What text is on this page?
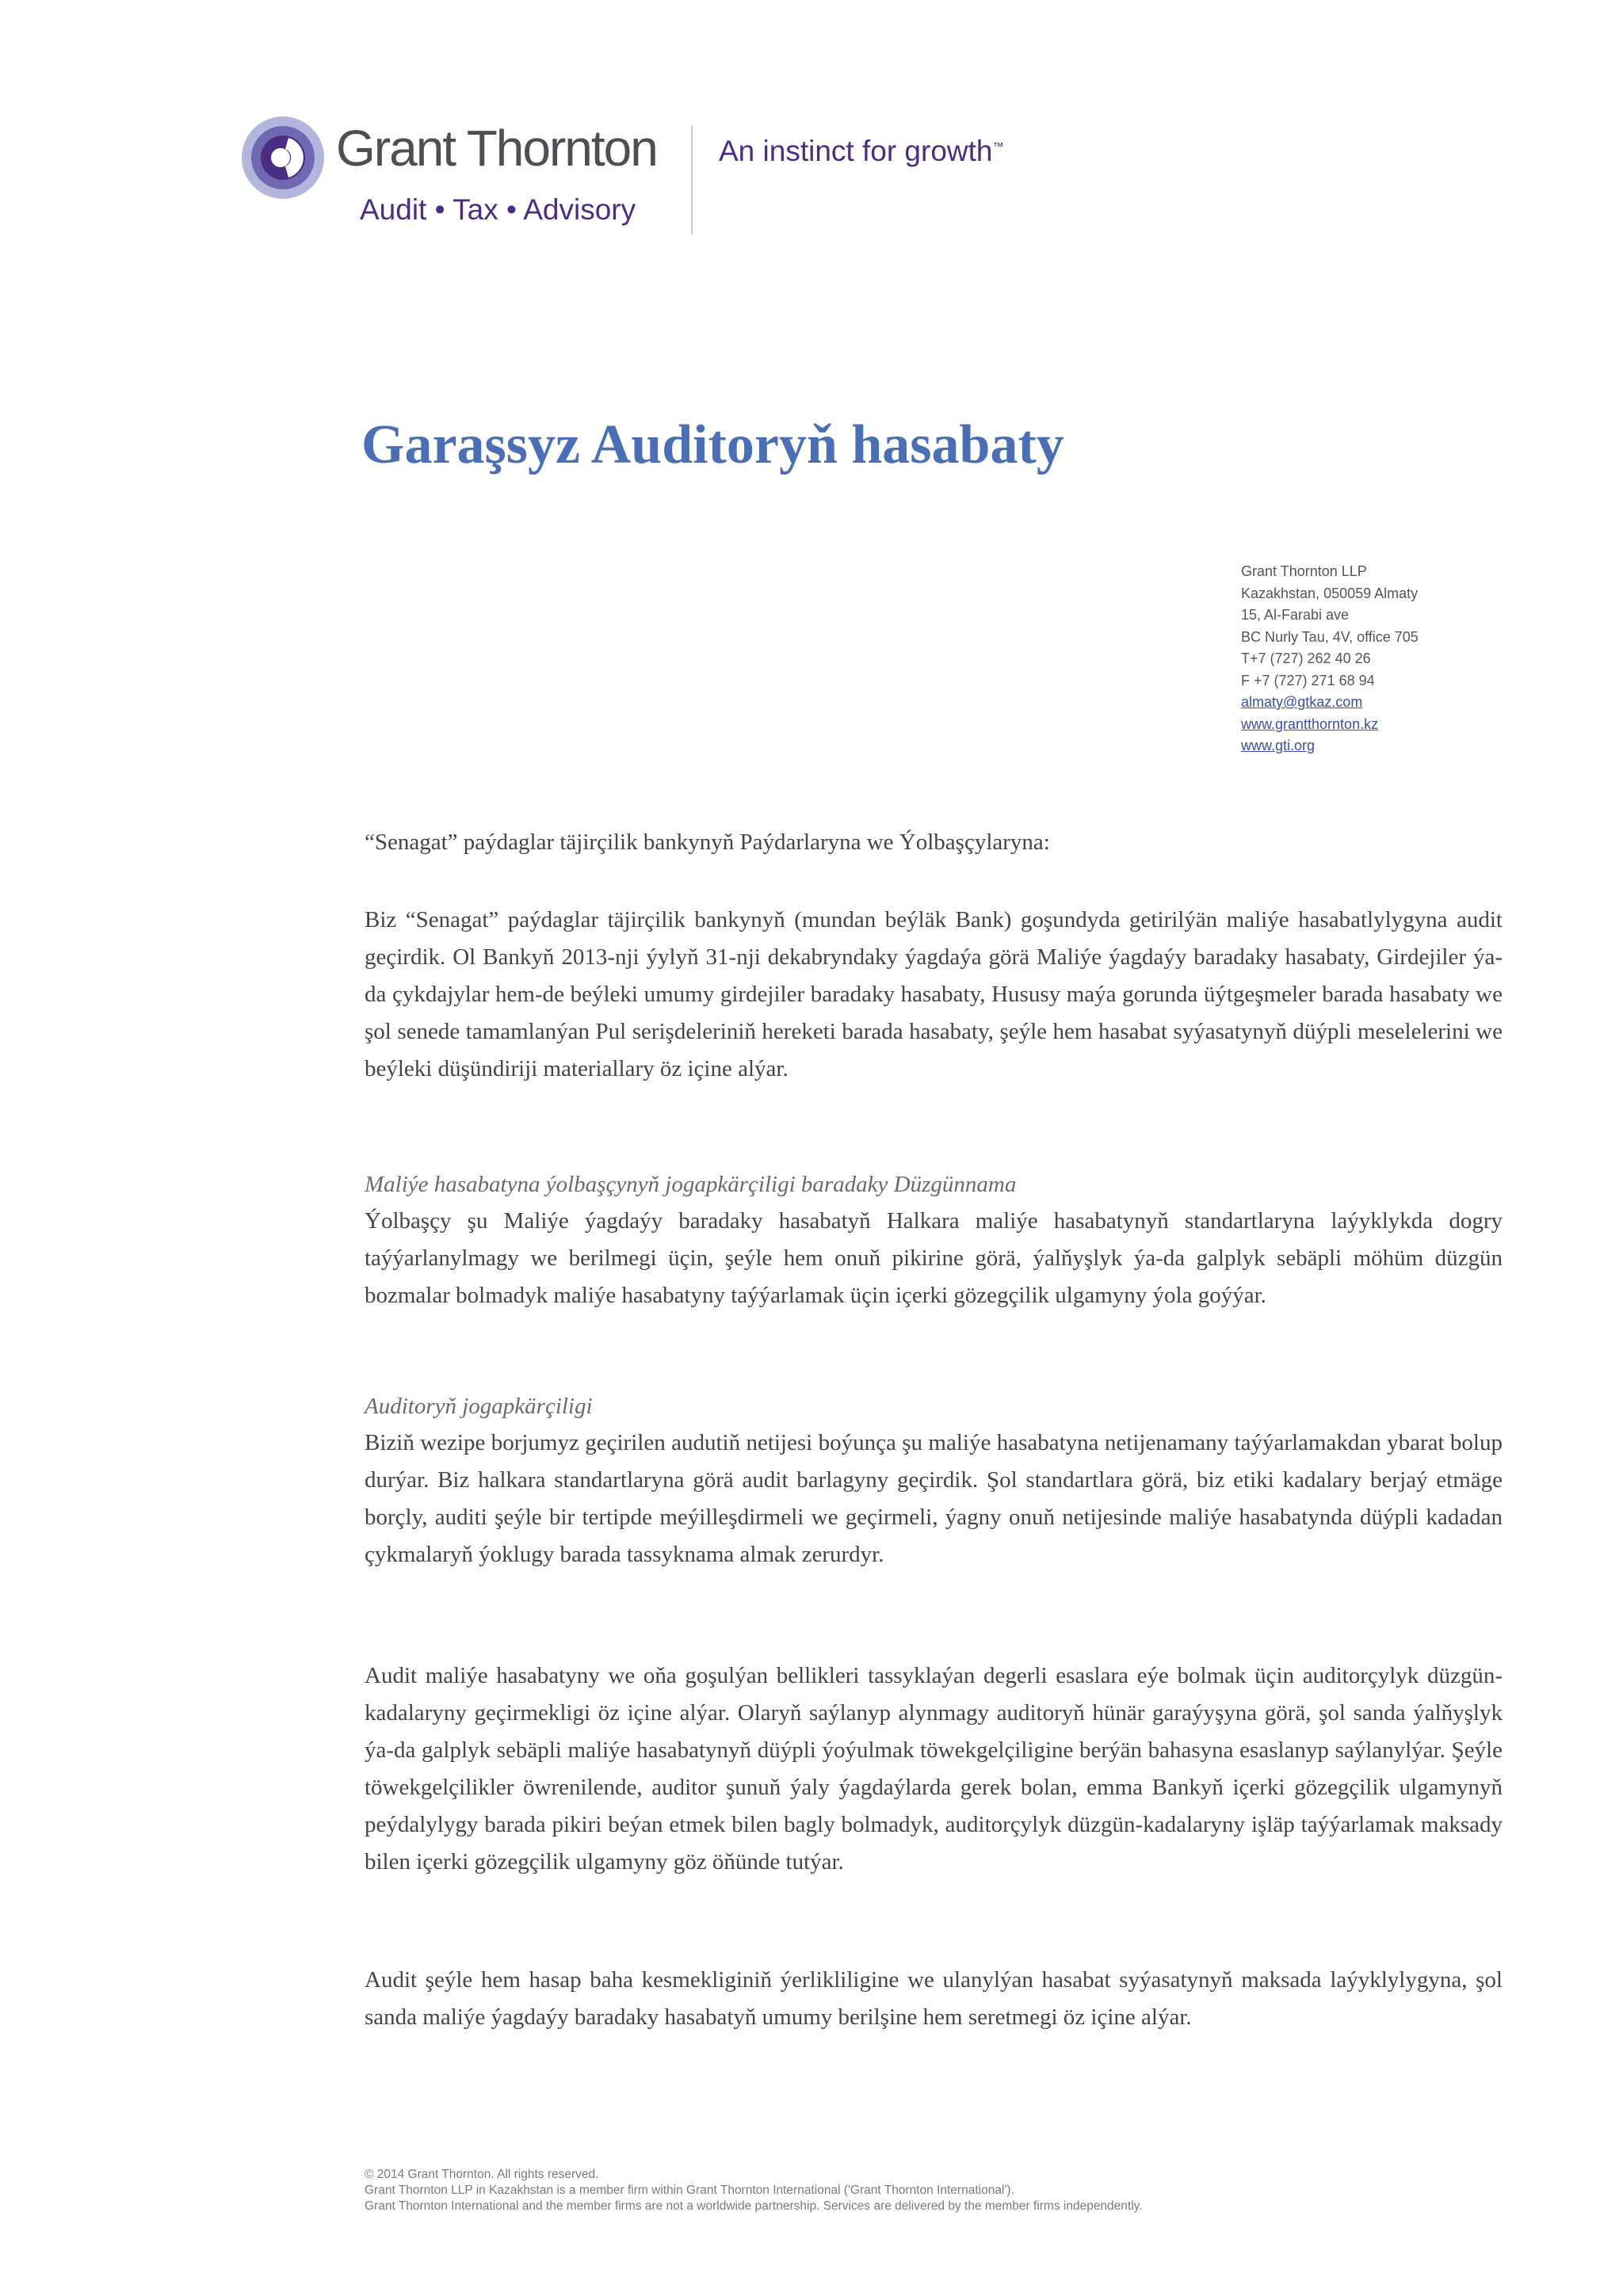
Grant Thornton
Audit • Tax • Advisory
An instinct for growth™
Garaşsyz Auditoryň hasabaty
Grant Thornton LLP
Kazakhstan, 050059 Almaty
15, Al-Farabi ave
BC Nurly Tau, 4V, office 705
T+7 (727) 262 40 26
F +7 (727) 271 68 94
almaty@gtkaz.com
www.grantthornton.kz
www.gti.org

“Senagat” paýdaglar täjirçilik bankynyň Paýdarlaryna we Ýolbaşçylaryna:

Biz “Senagat” paýdaglar täjirçilik bankynyň (mundan beýläk Bank) goşundyda getirilýän maliýe hasabatlylygyna audit geçirdik. Ol Bankyň 2013-nji ýylyň 31-nji dekabryndaky ýagdaýa görä Maliýe ýagdaýy baradaky hasabaty, Girdejiler ýa-da çykdajylar hem-de beýleki umumy girdejiler baradaky hasabaty, Hususy maýa gorunda üýtgeşmeler barada hasabaty we şol senede tamamlanýan Pul serişdeleriniň hereketi barada hasabaty, şeýle hem hasabat syýasatynyň düýpli meselelerini we beýleki düşündiriji materiallary öz içine alýar.

Maliýe hasabatyna ýolbaşçynyň jogapkärçiligi baradaky Düzgünnama

Ýolbaşçy şu Maliýe ýagdaýy baradaky hasabatyň Halkara maliýe hasabatynyň standartlaryna laýyklykda dogry taýýarlanylmagy we berilmegi üçin, şeýle hem onuň pikirine görä, ýalňyşlyk ýa-da galplyk sebäpli möhüm düzgün bozmalar bolmadyk maliýe hasabatyny taýýarlamak üçin içerki gözegçilik ulgamyny ýola goýýar.

Auditoryň jogapkärçiligi

Biziň wezipe borjumyz geçirilen audutiň netijesi boýunça şu maliýe hasabatyna netijenamany taýýarlamakdan ybarat bolup durýar. Biz halkara standartlaryna görä audit barlagyny geçirdik. Şol standartlara görä, biz etiki kadalary berjaý etmäge borçly, auditi şeýle bir tertipde meýilleşdirmeli we geçirmeli, ýagny onuň netijesinde maliýe hasabatynda düýpli kadadan çykmalaryň ýoklugy barada tassyknama almak zerurdyr.

Audit maliýe hasabatyny we oňa goşulýan bellikleri tassyklaýan degerli esaslara eýe bolmak üçin auditorçylyk düzgün-kadalaryny geçirmekligi öz içine alýar. Olaryň saýlanyp alynmagy auditoryň hünär garaýyşyna görä, şol sanda ýalňyşlyk ýa-da galplyk sebäpli maliýe hasabatynyň düýpli ýoýulmak töwekgelçiligine berýän bahasyna esaslanyp saýlanylýar. Şeýle töwekgelçilikler öwrenilende, auditor şunuň ýaly ýagdaýlarda gerek bolan, emma Bankyň içerki gözegçilik ulgamynyň peýdalylygy barada pikiri beýan etmek bilen bagly bolmadyk, auditorçylyk düzgün-kadalaryny işläp taýýarlamak maksady bilen içerki gözegçilik ulgamyny göz öňünde tutýar.

Audit şeýle hem hasap baha kesmekliginiň ýerlikliligine we ulanylýan hasabat syýasatynyň maksada laýyklylygyna, şol sanda maliýe ýagdaýy baradaky hasabatyň umumy berilşine hem seretmegi öz içine alýar.

© 2014 Grant Thornton. All rights reserved.
Grant Thornton LLP in Kazakhstan is a member firm within Grant Thornton International ('Grant Thornton International').
Grant Thornton International and the member firms are not a worldwide partnership. Services are delivered by the member firms independently.
